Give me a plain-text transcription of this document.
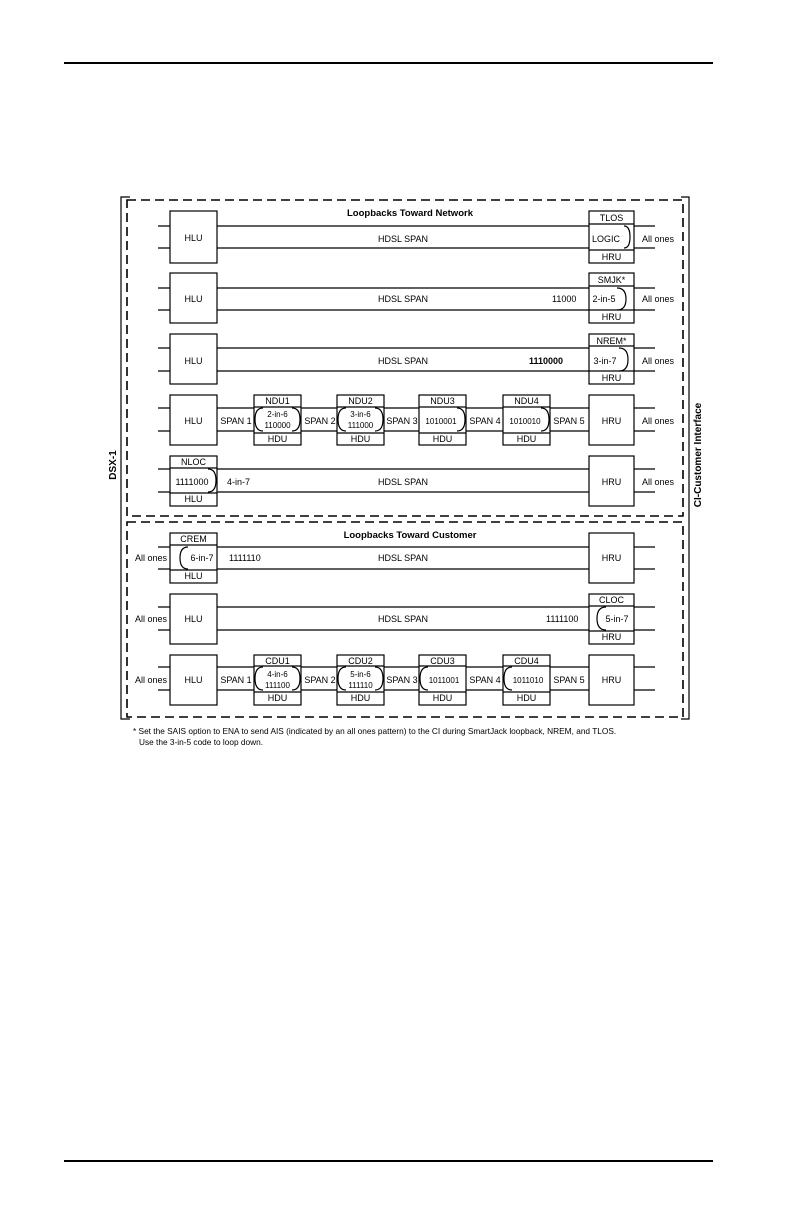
DSX-1	CI-Customer Interface
Loopbacks Toward Network
Loopbacks Toward Customer
HLU	HDSL SPAN
TLOS
LOGIC
HRU
All ones
HLU	HDSL SPAN	11000
SMJK*
2-in-5
HRU
All ones
HLU	HDSL SPAN	1110000
NREM*
3-in-7
HRU
All ones
HLU SPAN 1	SPAN 2	SPAN 3	SPAN 4	SPAN 5
NDU1
2-in-6
110000
HDU
NDU2
3-in-6
111000
HDU
NDU3
1010001
HDU
NDU4
1010010
HDU
HRU All ones
NLOC
1111000
HLU
4-in-7	HDSL SPAN	HRU All ones
CREM
6-in-7
HLU
All ones	1111110	HDSL SPAN	HRU
HLU
All ones	HDSL SPAN	1111100
CLOC
5-in-7
HRU
HLU
All ones	SPAN 1	SPAN 2	SPAN 3	SPAN 4	SPAN 5
CDU1
4-in-6
111100
HDU
CDU2
5-in-6
111110
HDU
CDU3
1011001
HDU
CDU4
1011010
HDU
HRU
* Set the SAIS option to ENA to send AIS (indicated by an all ones pattern) to the CI during SmartJack loopback, NREM, and TLOS.
Use the 3-in-5 code to loop down.
